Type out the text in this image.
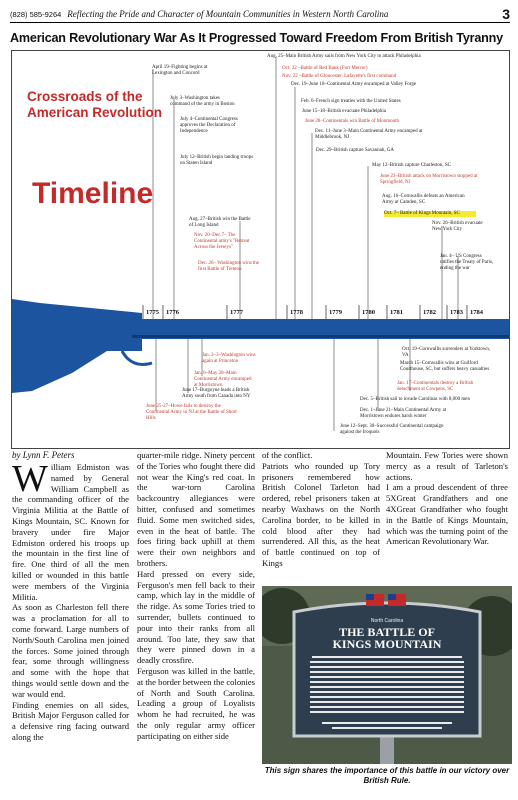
(828) 585-9264 Reflecting the Pride and Character of Mountain Communities in Western North Carolina	3
American Revolutionary War As It Progressed Toward Freedom From British Tyranny
Crossroads of the
American Revolution
Timeline
1775 1776	1777	1778	1779	1780 1781	1782 1783 1784
April 19–Fighting begins at Lexington and Concord
July 3–Washington takes command of the army in Boston
July 4–Continental Congress approves the Declaration of Independence
July 12–British begin landing troops on Staten Island
Aug. 27–British win the Battle of Long Island
Nov. 20–Dec.7– The Continental army's "Retreat Across the Jerseys"
Dec. 26– Washington wins the first Battle of Trenton
Aug. 25–Main British Army sails from New York City to attack Philadelphia
Oct. 22 –Battle of Red Bank (Fort Mercer)
Nov. 22 –Battle of Gloucester, Lafayette's first command
Dec. 19–June 18–Continental Army encamped at Valley Forge
Feb. 6–French sign treaties with the United States
June 15–18–British evacuate Philadelphia
June 28–Continentals win Battle of Monmouth
Dec. 11–June 3–Main Continental Army encamped at Middlebrook, NJ
Dec. 29–British capture Savannah, GA
May 12–British capture Charleston, SC
June 23–British attack on Morristown stopped at Springfield, NJ
Aug. 16–Cornwallis defeats an American Army at Camden, SC
Oct. 7– Battle of Kings Mountain, SC
Nov. 26–British evacuate New York City
Jan. 4– US Congress ratifies the Treaty of Paris, ending the war
Oct. 19–Cornwallis surrenders at Yorktown, VA
March 15–Cornwallis wins at Guilford Courthouse, SC, but suffers heavy casualties
Jan. 17–Continentals destroy a British detachment at Cowpens, SC
Dec. 5–British sail to invade Carolinas with 8,000 men
Dec. 1–June 21–Main Continental Army at Morristown endures harsh winter
June 12–Sept. 30–Successful Continental campaign against the Iroquois
Jan. 2–3–Washington wins again at Princeton
Jan. 6–May 28–Main Continental Army encamped at Morristown
June 17–Burgoyne leads a British Army south from Canada into NY
June 25-27–Howe fails to destroy the Continental Army in NJ at the Battle of Short Hills
by Lynn F. Peters
William Edmiston was named by General William Campbell as the commanding officer of the Virginia Militia at the Battle of Kings Mountain, SC. Known for bravery under fire Major Edmiston ordered his troops up the mountain in the first line of fire. One third of all the men killed or wounded in this battle were members of the Virginia Militia.
As soon as Charleston fell there was a proclamation for all to come forward. Large numbers of North/South Carolina men joined the forces. Some joined through fear, some through willingness and some with the hope that things would settle down and the war would end.
Finding enemies on all sides, British Major Ferguson called for a defensive ring facing outward along the
quarter-mile ridge. Ninety percent of the Tories who fought there did not wear the King's red coat. In the war-torn Carolina backcountry allegiances were bitter, confused and sometimes fluid. Some men switched sides, even in the heat of battle. The foes firing back uphill at them were their own neighbors and brothers.
Hard pressed on every side, Ferguson's men fell back to their camp, which lay in the middle of the ridge. As some Tories tried to surrender, bullets continued to pour into their ranks from all around. Too late, they saw that they were pinned down in a deadly crossfire.
Ferguson was killed in the battle, at the border between the colonies of North and South Carolina. Leading a group of Loyalists whom he had recruited, he was the only regular army officer participating on either side
of the conflict.
Patriots who rounded up Tory prisoners remembered how British Colonel Tarleton had ordered, rebel prisoners taken at nearby Waxhaws on the North Carolina border, to be killed in cold blood after they had surrendered. All this, as the heat of battle continued on top of Kings
Mountain. Few Tories were shown mercy as a result of Tarleton's actions.
I am a proud descendent of three 5XGreat Grandfathers and one 4XGreat Grandfather who fought in the Battle of Kings Mountain, which was the turning point of the American Revolutionary War.
North Carolina
THE BATTLE OF
KINGS MOUNTAIN
This sign shares the importance of this battle in our victory over British Rule.
